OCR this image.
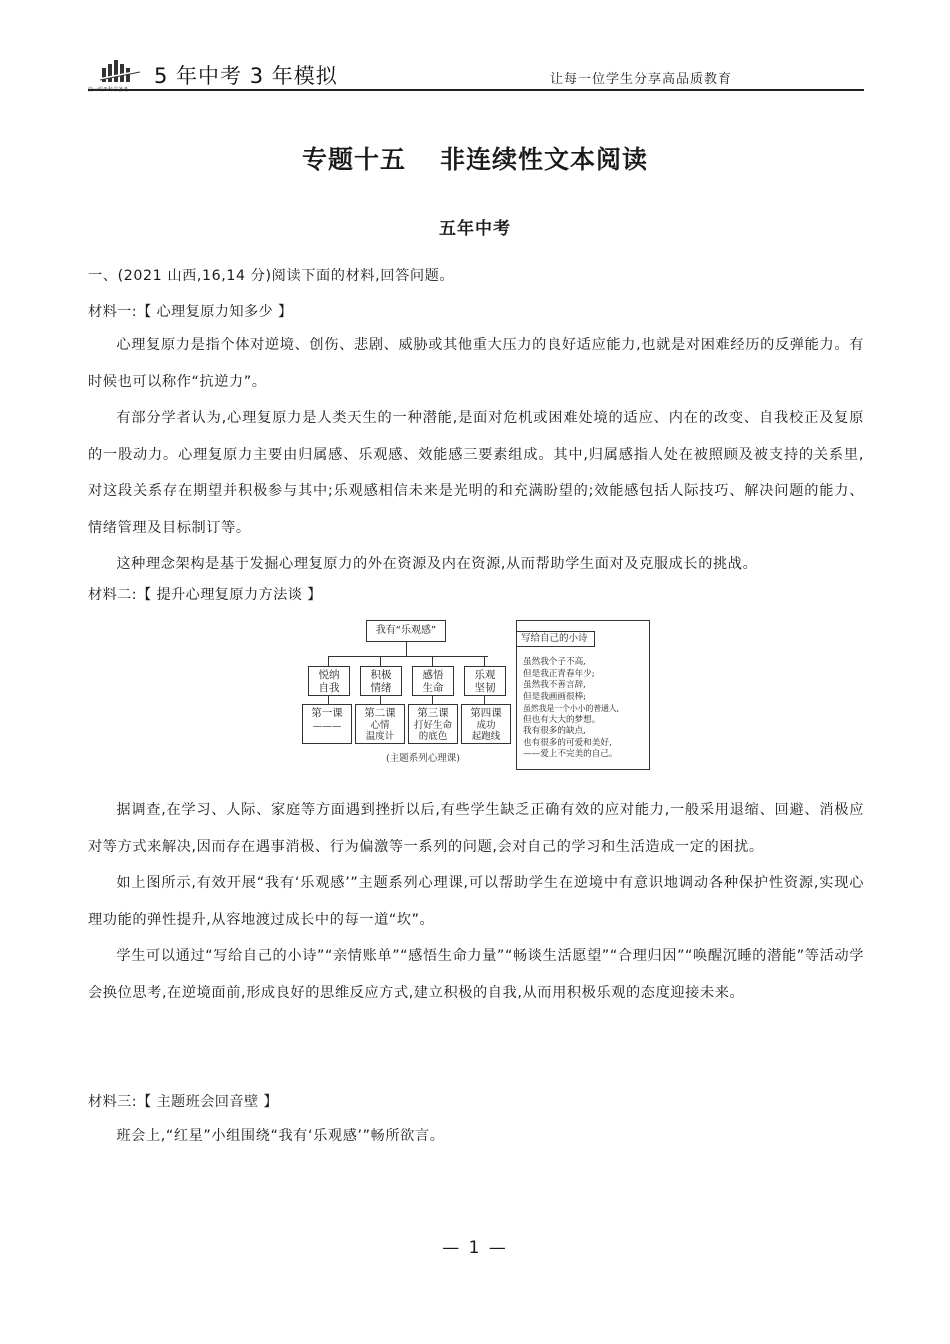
曲一线®科学备考
5 年中考 3 年模拟	让每一位学生分享高品质教育
专题十五 非连续性文本阅读
五年中考
一、(2021 山西,16,14 分)阅读下面的材料,回答问题。
材料一:【 心理复原力知多少 】

心理复原力是指个体对逆境、创伤、悲剧、威胁或其他重大压力的良好适应能力,也就是对困难经历的反弹能力。有时候也可以称作“抗逆力”。

有部分学者认为,心理复原力是人类天生的一种潜能,是面对危机或困难处境的适应、内在的改变、自我校正及复原的一股动力。心理复原力主要由归属感、乐观感、效能感三要素组成。其中,归属感指人处在被照顾及被支持的关系里,对这段关系存在期望并积极参与其中;乐观感相信未来是光明的和充满盼望的;效能感包括人际技巧、解决问题的能力、情绪管理及目标制订等。

这种理念架构是基于发掘心理复原力的外在资源及内在资源,从而帮助学生面对及克服成长的挑战。

材料二:【 提升心理复原力方法谈 】
我有“乐观感”
悦纳
自我
积极
情绪
感悟
生命
乐观
坚韧
第一课
———
第二课
心情
温度计
第三课
打好生命
的底色
第四课
成功
起跑线
(主题系列心理课)
写给自己的小诗
虽然我个子不高,
但是我正青春年少;
虽然我不善言辞,
但是我画画很棒;
虽然我是一个小小的普通人,
但也有大大的梦想。
我有很多的缺点,
也有很多的可爱和美好,
——爱上不完美的自己。

据调查,在学习、人际、家庭等方面遇到挫折以后,有些学生缺乏正确有效的应对能力,一般采用退缩、回避、消极应对等方式来解决,因而存在遇事消极、行为偏激等一系列的问题,会对自己的学习和生活造成一定的困扰。

如上图所示,有效开展“我有‘乐观感’”主题系列心理课,可以帮助学生在逆境中有意识地调动各种保护性资源,实现心理功能的弹性提升,从容地渡过成长中的每一道“坎”。

学生可以通过“写给自己的小诗”“亲情账单”“感悟生命力量”“畅谈生活愿望”“合理归因”“唤醒沉睡的潜能”等活动学会换位思考,在逆境面前,形成良好的思维反应方式,建立积极的自我,从而用积极乐观的态度迎接未来。

材料三:【 主题班会回音壁 】

班会上,“红星”小组围绕“我有‘乐观感’”畅所欲言。

— 1 —
